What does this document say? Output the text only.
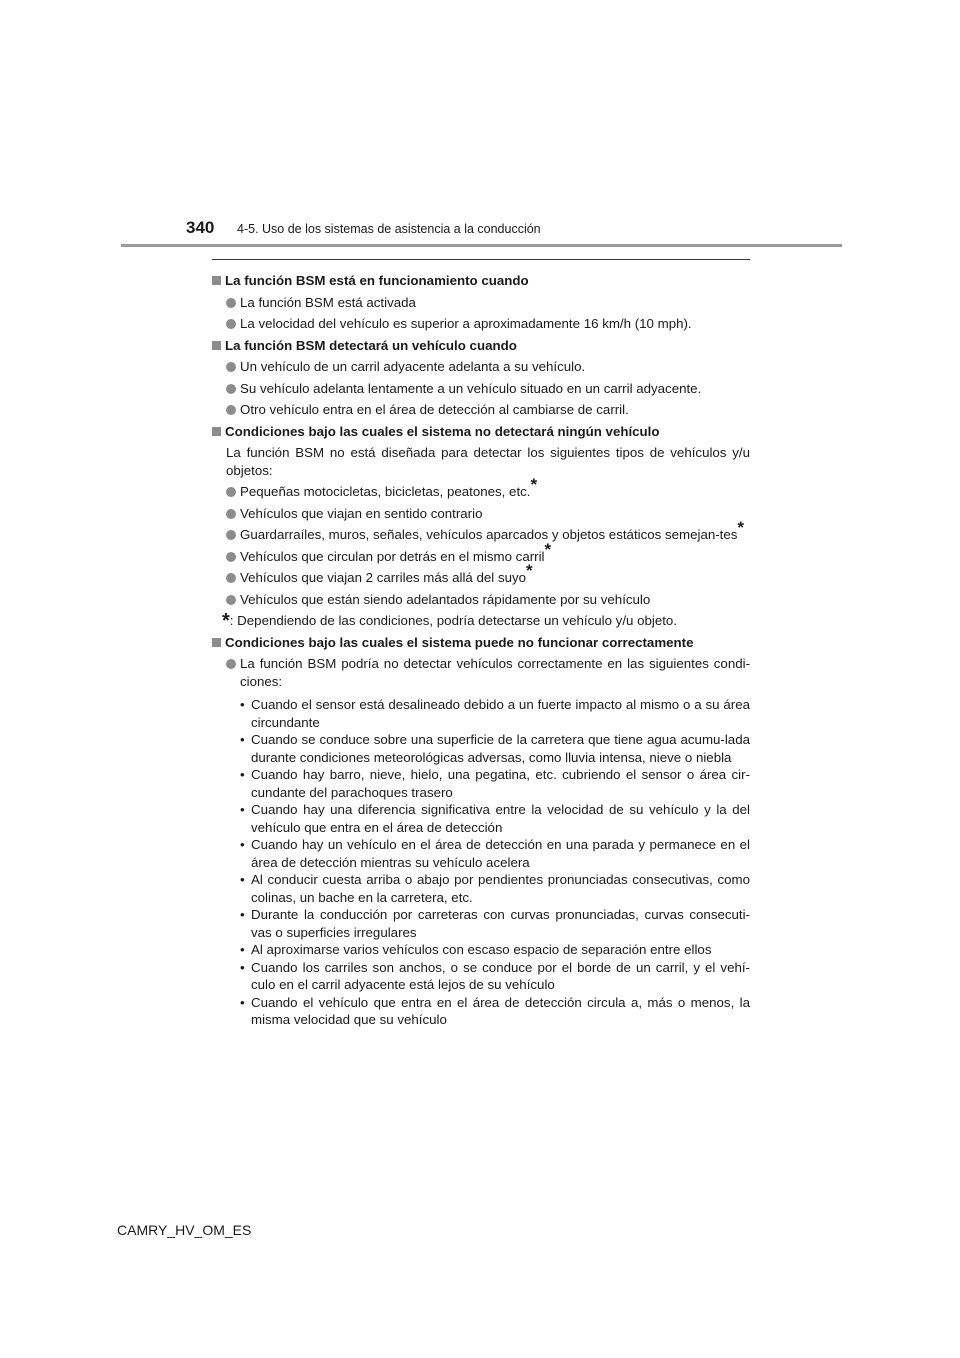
340 4-5. Uso de los sistemas de asistencia a la conducción
La función BSM está en funcionamiento cuando
La función BSM está activada
La velocidad del vehículo es superior a aproximadamente 16 km/h (10 mph).
La función BSM detectará un vehículo cuando
Un vehículo de un carril adyacente adelanta a su vehículo.
Su vehículo adelanta lentamente a un vehículo situado en un carril adyacente.
Otro vehículo entra en el área de detección al cambiarse de carril.
Condiciones bajo las cuales el sistema no detectará ningún vehículo
La función BSM no está diseñada para detectar los siguientes tipos de vehículos y/u objetos:
Pequeñas motocicletas, bicicletas, peatones, etc.*
Vehículos que viajan en sentido contrario
Guardarraíles, muros, señales, vehículos aparcados y objetos estáticos semejan-tes*
Vehículos que circulan por detrás en el mismo carril*
Vehículos que viajan 2 carriles más allá del suyo*
Vehículos que están siendo adelantados rápidamente por su vehículo
*: Dependiendo de las condiciones, podría detectarse un vehículo y/u objeto.
Condiciones bajo las cuales el sistema puede no funcionar correctamente
La función BSM podría no detectar vehículos correctamente en las siguientes condi-ciones:
• Cuando el sensor está desalineado debido a un fuerte impacto al mismo o a su área circundante
• Cuando se conduce sobre una superficie de la carretera que tiene agua acumu-lada durante condiciones meteorológicas adversas, como lluvia intensa, nieve o niebla
• Cuando hay barro, nieve, hielo, una pegatina, etc. cubriendo el sensor o área cir-cundante del parachoques trasero
• Cuando hay una diferencia significativa entre la velocidad de su vehículo y la del vehículo que entra en el área de detección
• Cuando hay un vehículo en el área de detección en una parada y permanece en el área de detección mientras su vehículo acelera
• Al conducir cuesta arriba o abajo por pendientes pronunciadas consecutivas, como colinas, un bache en la carretera, etc.
• Durante la conducción por carreteras con curvas pronunciadas, curvas consecuti-vas o superficies irregulares
• Al aproximarse varios vehículos con escaso espacio de separación entre ellos
• Cuando los carriles son anchos, o se conduce por el borde de un carril, y el vehí-culo en el carril adyacente está lejos de su vehículo
• Cuando el vehículo que entra en el área de detección circula a, más o menos, la misma velocidad que su vehículo
CAMRY_HV_OM_ES
